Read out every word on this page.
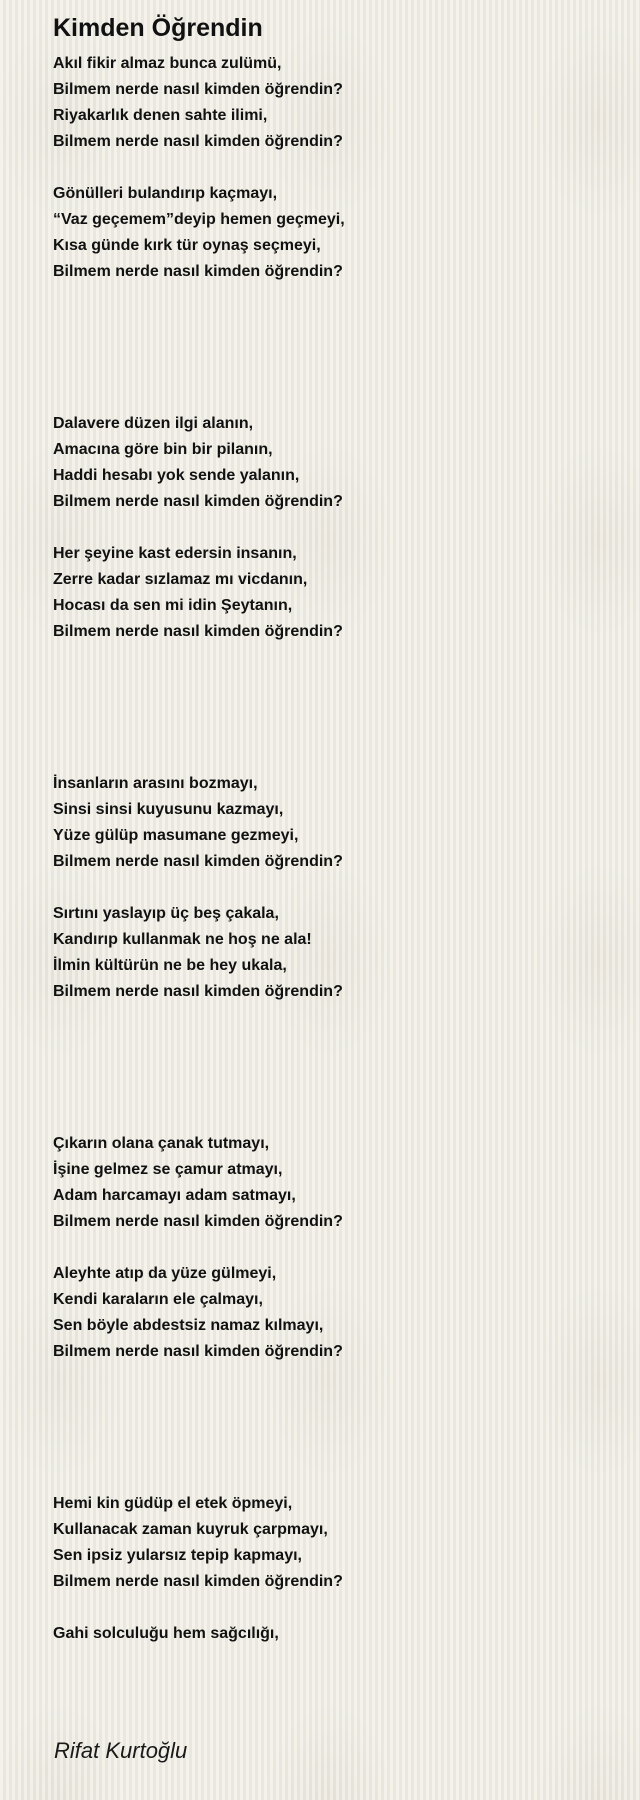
Kimden Öğrendin
Akıl fikir almaz bunca zulümü,
Bilmem nerde nasıl kimden öğrendin?
Riyakarlık denen sahte ilimi,
Bilmem nerde nasıl kimden öğrendin?
Gönülleri bulandırıp kaçmayı,
“Vaz geçemem”deyip hemen geçmeyi,
Kısa günde kırk tür oynaş seçmeyi,
Bilmem nerde nasıl kimden öğrendin?
Dalavere düzen ilgi alanın,
Amacına göre bin bir pilanın,
Haddi hesabı yok sende yalanın,
Bilmem nerde nasıl kimden öğrendin?
Her şeyine kast edersin insanın,
Zerre kadar sızlamaz mı vicdanın,
Hocası da sen mi idin Şeytanın,
Bilmem nerde nasıl kimden öğrendin?
İnsanların arasını bozmayı,
Sinsi sinsi kuyusunu kazmayı,
Yüze gülüp masumane gezmeyi,
Bilmem nerde nasıl kimden öğrendin?
Sırtını yaslayıp üç beş çakala,
Kandırıp kullanmak ne hoş ne ala!
İlmin kültürün ne be hey ukala,
Bilmem nerde nasıl kimden öğrendin?
Çıkarın olana çanak tutmayı,
İşine gelmez se çamur atmayı,
Adam harcamayı adam satmayı,
Bilmem nerde nasıl kimden öğrendin?
Aleyhte atıp da yüze gülmeyi,
Kendi karaların ele çalmayı,
Sen böyle abdestsiz namaz kılmayı,
Bilmem nerde nasıl kimden öğrendin?
Hemi kin güdüp el etek öpmeyi,
Kullanacak zaman kuyruk çarpmayı,
Sen ipsiz yularsız tepip kapmayı,
Bilmem nerde nasıl kimden öğrendin?
Gahi solculuğu hem sağcılığı,
Rifat Kurtoğlu
